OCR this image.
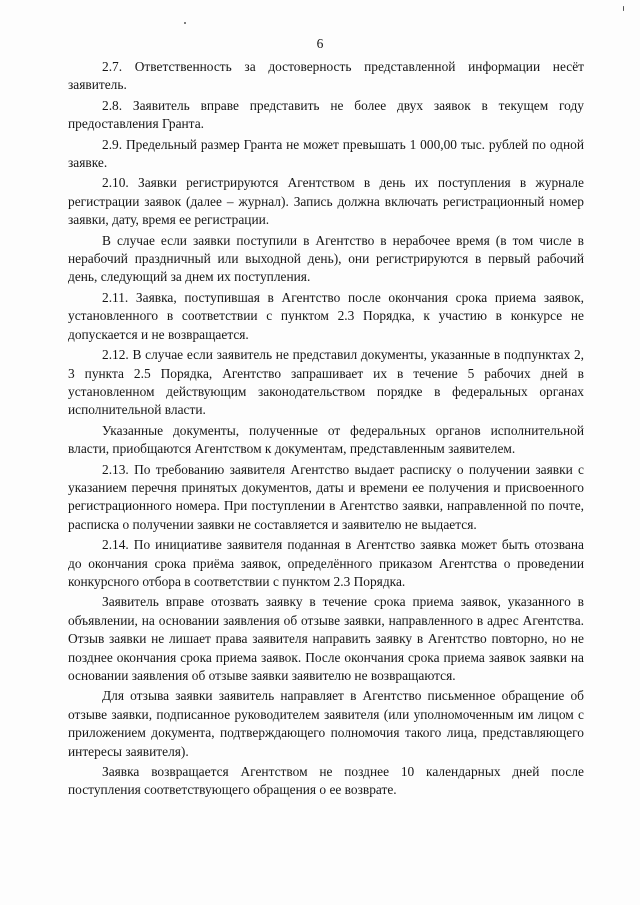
6

2.7. Ответственность за достоверность представленной информации несёт заявитель.

2.8. Заявитель вправе представить не более двух заявок в текущем году предоставления Гранта.

2.9. Предельный размер Гранта не может превышать 1 000,00 тыс. рублей по одной заявке.

2.10. Заявки регистрируются Агентством в день их поступления в журнале регистрации заявок (далее – журнал). Запись должна включать регистрационный номер заявки, дату, время ее регистрации.

В случае если заявки поступили в Агентство в нерабочее время (в том числе в нерабочий праздничный или выходной день), они регистрируются в первый рабочий день, следующий за днем их поступления.

2.11. Заявка, поступившая в Агентство после окончания срока приема заявок, установленного в соответствии с пунктом 2.3 Порядка, к участию в конкурсе не допускается и не возвращается.

2.12. В случае если заявитель не представил документы, указанные в подпунктах 2, 3 пункта 2.5 Порядка, Агентство запрашивает их в течение 5 рабочих дней в установленном действующим законодательством порядке в федеральных органах исполнительной власти.

Указанные документы, полученные от федеральных органов исполнительной власти, приобщаются Агентством к документам, представленным заявителем.

2.13. По требованию заявителя Агентство выдает расписку о получении заявки с указанием перечня принятых документов, даты и времени ее получения и присвоенного регистрационного номера. При поступлении в Агентство заявки, направленной по почте, расписка о получении заявки не составляется и заявителю не выдается.

2.14. По инициативе заявителя поданная в Агентство заявка может быть отозвана до окончания срока приёма заявок, определённого приказом Агентства о проведении конкурсного отбора в соответствии с пунктом 2.3 Порядка.

Заявитель вправе отозвать заявку в течение срока приема заявок, указанного в объявлении, на основании заявления об отзыве заявки, направленного в адрес Агентства. Отзыв заявки не лишает права заявителя направить заявку в Агентство повторно, но не позднее окончания срока приема заявок. После окончания срока приема заявок заявки на основании заявления об отзыве заявки заявителю не возвращаются.

Для отзыва заявки заявитель направляет в Агентство письменное обращение об отзыве заявки, подписанное руководителем заявителя (или уполномоченным им лицом с приложением документа, подтверждающего полномочия такого лица, представляющего интересы заявителя).

Заявка возвращается Агентством не позднее 10 календарных дней после поступления соответствующего обращения о ее возврате.
